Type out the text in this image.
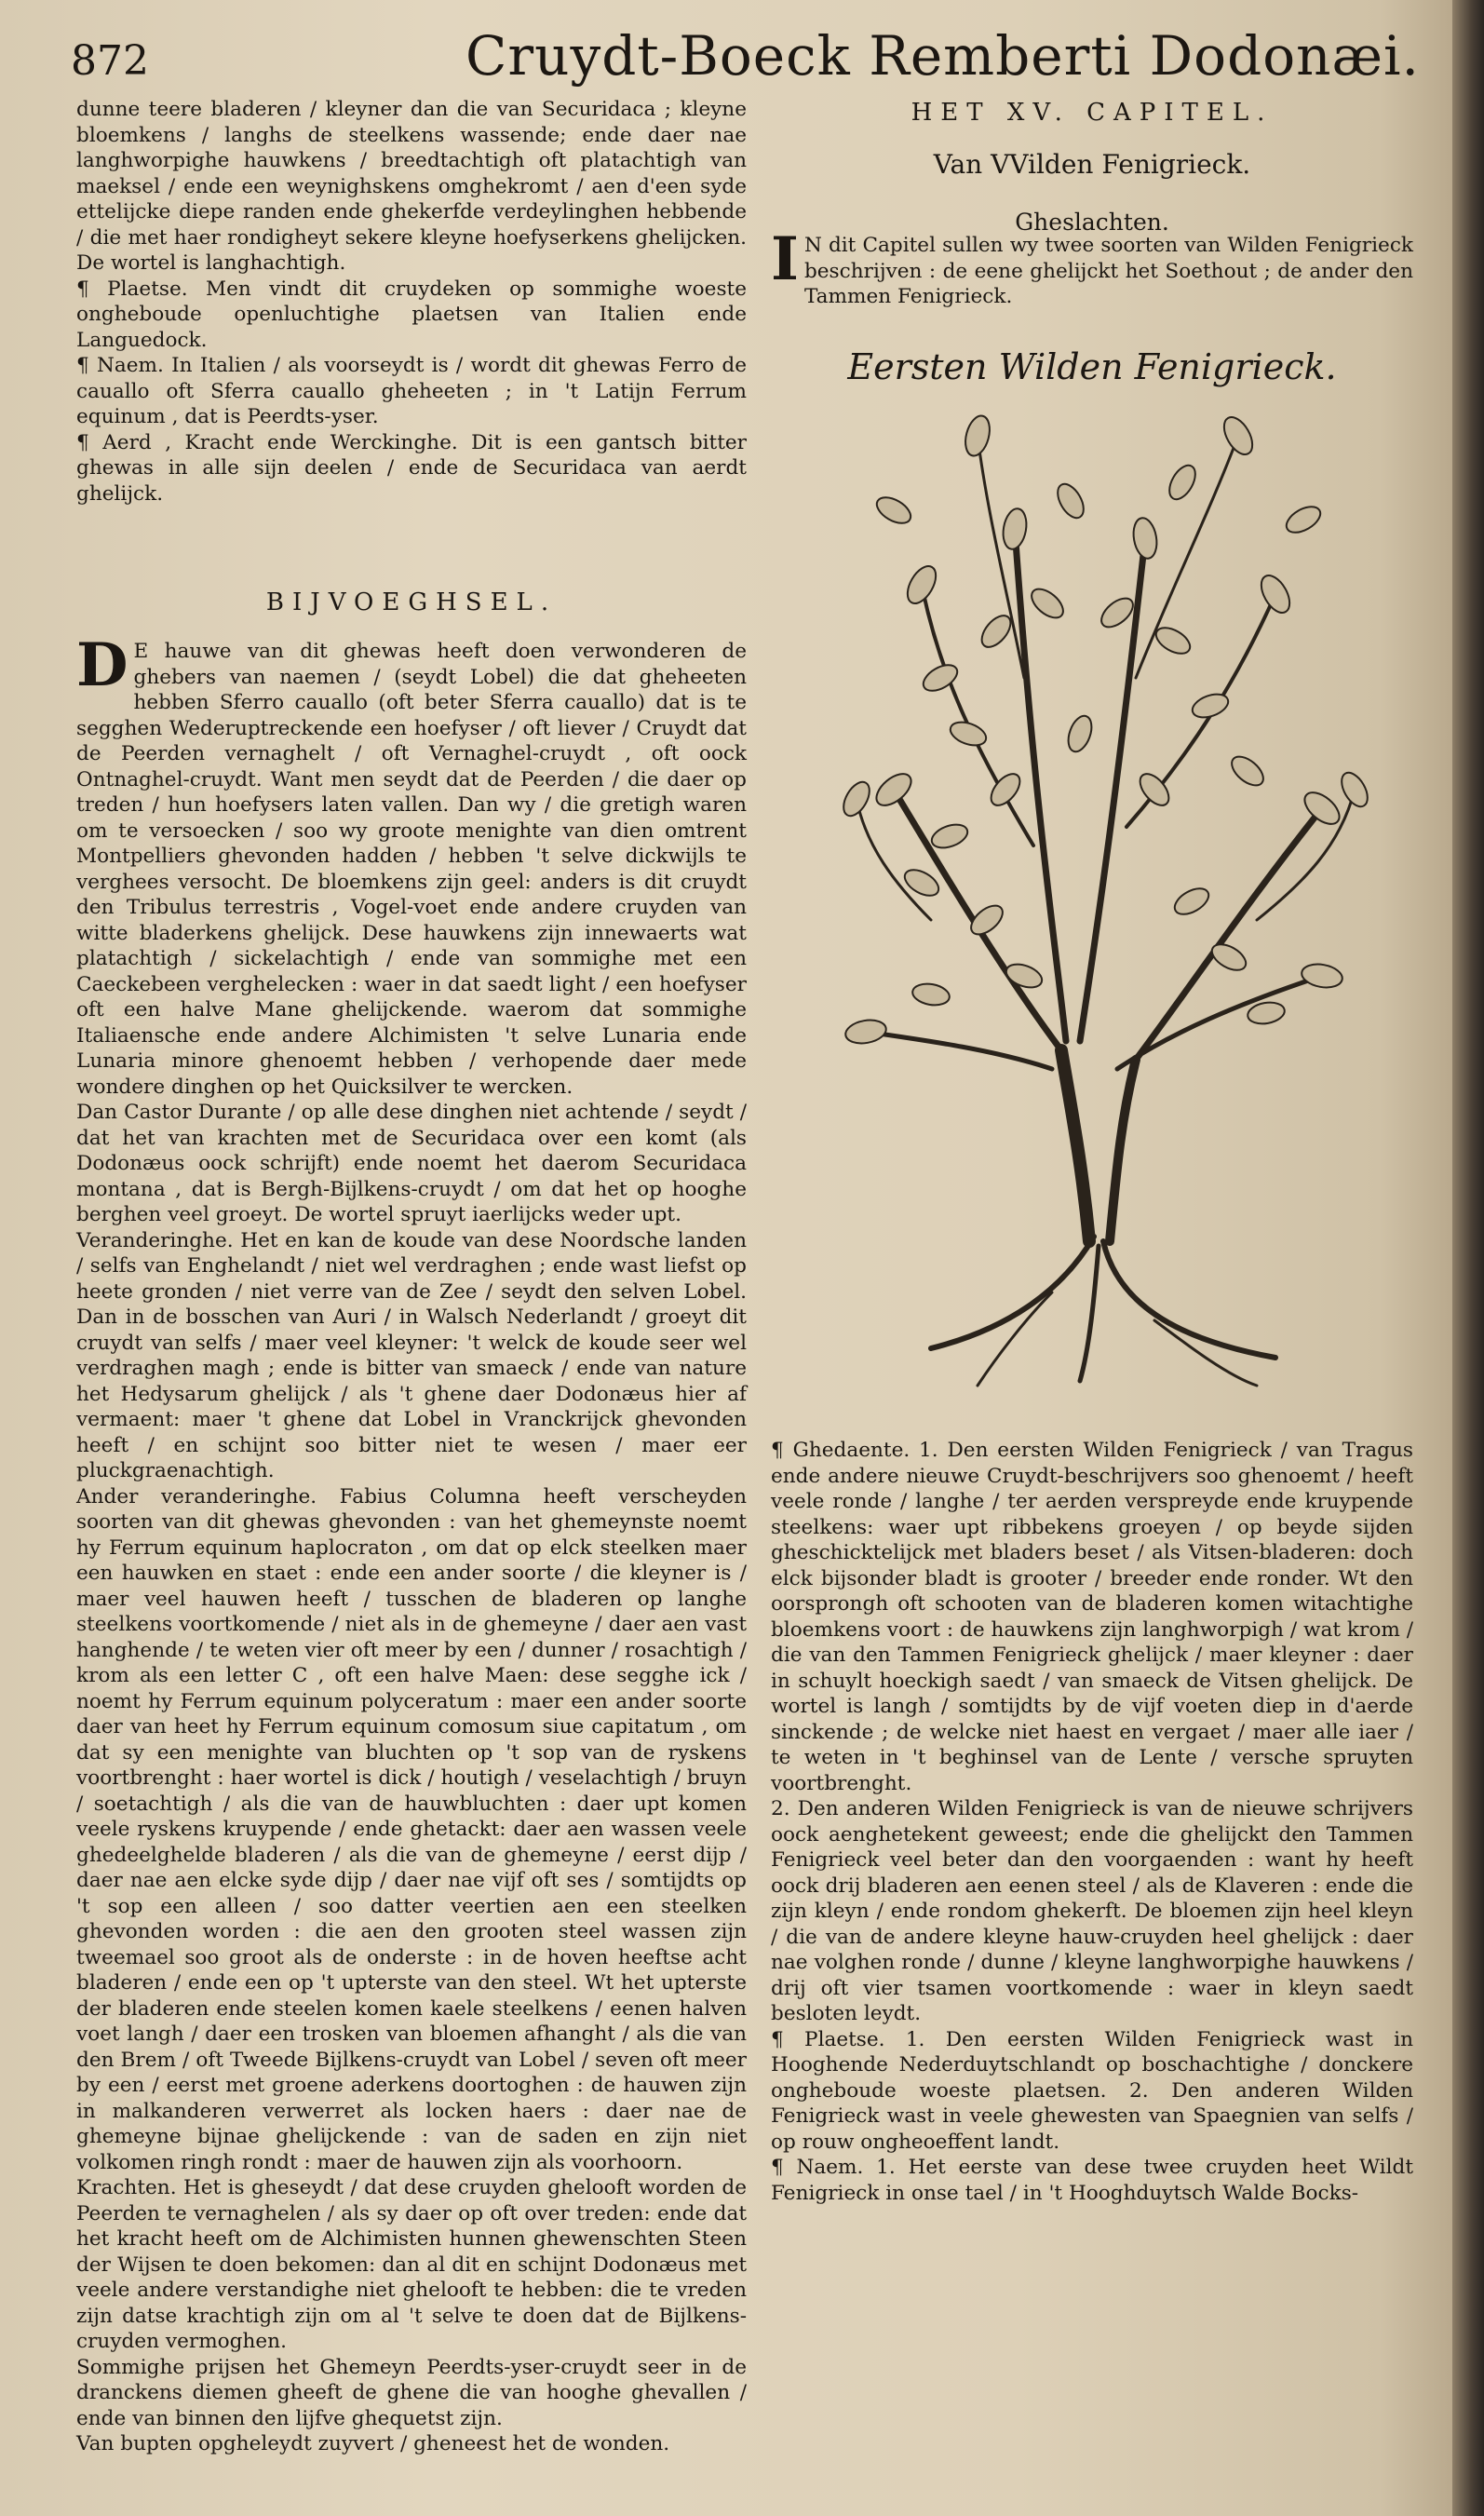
872	Cruydt-Boeck Remberti Dodonæi.

dunne teere bladeren / kleyner dan die van Securidaca ; kleyne bloemkens / langhs de steelkens wassende; ende daer nae langhworpighe hauwkens / breedtachtigh oft platachtigh van maeksel / ende een weynighskens omghekromt / aen d'een syde ettelijcke diepe randen ende ghekerfde verdeylinghen hebbende / die met haer rondigheyt sekere kleyne hoefyserkens ghelijcken. De wortel is langhachtigh.

¶ Plaetse. Men vindt dit cruydeken op sommighe woeste ongheboude openluchtighe plaetsen van Italien ende Languedock.

¶ Naem. In Italien / als voorseydt is / wordt dit ghewas Ferro de cauallo oft Sferra cauallo gheheeten ; in 't Latijn Ferrum equinum , dat is Peerdts-yser.

¶ Aerd , Kracht ende Werckinghe. Dit is een gantsch bitter ghewas in alle sijn deelen / ende de Securidaca van aerdt ghelijck.

BIJVOEGHSEL.

D E hauwe van dit ghewas heeft doen verwonderen de ghebers van naemen / (seydt Lobel) die dat gheheeten hebben Sferro cauallo (oft beter Sferra cauallo) dat is te segghen Wederuptreckende een hoefyser / oft liever / Cruydt dat de Peerden vernaghelt / oft Vernaghel-cruydt , oft oock Ontnaghel-cruydt. Want men seydt dat de Peerden / die daer op treden / hun hoefysers laten vallen. Dan wy / die gretigh waren om te versoecken / soo wy groote menighte van dien omtrent Montpelliers ghevonden hadden / hebben 't selve dickwijls te verghees versocht. De bloemkens zijn geel: anders is dit cruydt den Tribulus terrestris , Vogel-voet ende andere cruyden van witte bladerkens ghelijck. Dese hauwkens zijn innewaerts wat platachtigh / sickelachtigh / ende van sommighe met een Caeckebeen verghelecken : waer in dat saedt light / een hoefyser oft een halve Mane ghelijckende. waerom dat sommighe Italiaensche ende andere Alchimisten 't selve Lunaria ende Lunaria minore ghenoemt hebben / verhopende daer mede wondere dinghen op het Quicksilver te wercken.

Dan Castor Durante / op alle dese dinghen niet achtende / seydt / dat het van krachten met de Securidaca over een komt (als Dodonæus oock schrijft) ende noemt het daerom Securidaca montana , dat is Bergh-Bijlkens-cruydt / om dat het op hooghe berghen veel groeyt. De wortel spruyt iaerlijcks weder upt.

Veranderinghe. Het en kan de koude van dese Noordsche landen / selfs van Enghelandt / niet wel verdraghen ; ende wast liefst op heete gronden / niet verre van de Zee / seydt den selven Lobel. Dan in de bosschen van Auri / in Walsch Nederlandt / groeyt dit cruydt van selfs / maer veel kleyner: 't welck de koude seer wel verdraghen magh ; ende is bitter van smaeck / ende van nature het Hedysarum ghelijck / als 't ghene daer Dodonæus hier af vermaent: maer 't ghene dat Lobel in Vranckrijck ghevonden heeft / en schijnt soo bitter niet te wesen / maer eer pluckgraenachtigh.

Ander veranderinghe. Fabius Columna heeft verscheyden soorten van dit ghewas ghevonden : van het ghemeynste noemt hy Ferrum equinum haplocraton , om dat op elck steelken maer een hauwken en staet : ende een ander soorte / die kleyner is / maer veel hauwen heeft / tusschen de bladeren op langhe steelkens voortkomende / niet als in de ghemeyne / daer aen vast hanghende / te weten vier oft meer by een / dunner / rosachtigh / krom als een letter C , oft een halve Maen: dese segghe ick / noemt hy Ferrum equinum polyceratum : maer een ander soorte daer van heet hy Ferrum equinum comosum siue capitatum , om dat sy een menighte van bluchten op 't sop van de ryskens voortbrenght : haer wortel is dick / houtigh / veselachtigh / bruyn / soetachtigh / als die van de hauwbluchten : daer upt komen veele ryskens kruypende / ende ghetackt: daer aen wassen veele ghedeelghelde bladeren / als die van de ghemeyne / eerst dijp / daer nae aen elcke syde dijp / daer nae vijf oft ses / somtijdts op 't sop een alleen / soo datter veertien aen een steelken ghevonden worden : die aen den grooten steel wassen zijn tweemael soo groot als de onderste : in de hoven heeftse acht bladeren / ende een op 't upterste van den steel. Wt het upterste der bladeren ende steelen komen kaele steelkens / eenen halven voet langh / daer een trosken van bloemen afhanght / als die van den Brem / oft Tweede Bijlkens-cruydt van Lobel / seven oft meer by een / eerst met groene aderkens doortoghen : de hauwen zijn in malkanderen verwerret als locken haers : daer nae de ghemeyne bijnae ghelijckende : van de saden en zijn niet volkomen ringh rondt : maer de hauwen zijn als voorhoorn.

Krachten. Het is gheseydt / dat dese cruyden ghelooft worden de Peerden te vernaghelen / als sy daer op oft over treden: ende dat het kracht heeft om de Alchimisten hunnen ghewenschten Steen der Wijsen te doen bekomen: dan al dit en schijnt Dodonæus met veele andere verstandighe niet ghelooft te hebben: die te vreden zijn datse krachtigh zijn om al 't selve te doen dat de Bijlkens-cruyden vermoghen.

Sommighe prijsen het Ghemeyn Peerdts-yser-cruydt seer in de dranckens diemen gheeft de ghene die van hooghe ghevallen / ende van binnen den lijfve ghequetst zijn.

Van bupten opgheleydt zuyvert / gheneest het de wonden.

HET XV. CAPITEL.

Van VVilden Fenigrieck.

Gheslachten.

I N dit Capitel sullen wy twee soorten van Wilden Fenigrieck beschrijven : de eene ghelijckt het Soethout ; de ander den Tammen Fenigrieck.

Eersten Wilden Fenigrieck.

¶ Ghedaente. 1. Den eersten Wilden Fenigrieck / van Tragus ende andere nieuwe Cruydt-beschrijvers soo ghenoemt / heeft veele ronde / langhe / ter aerden verspreyde ende kruypende steelkens: waer upt ribbekens groeyen / op beyde sijden gheschicktelijck met bladers beset / als Vitsen-bladeren: doch elck bijsonder bladt is grooter / breeder ende ronder. Wt den oorsprongh oft schooten van de bladeren komen witachtighe bloemkens voort : de hauwkens zijn langhworpigh / wat krom / die van den Tammen Fenigrieck ghelijck / maer kleyner : daer in schuylt hoeckigh saedt / van smaeck de Vitsen ghelijck. De wortel is langh / somtijdts by de vijf voeten diep in d'aerde sinckende ; de welcke niet haest en vergaet / maer alle iaer / te weten in 't beghinsel van de Lente / versche spruyten voortbrenght.

2. Den anderen Wilden Fenigrieck is van de nieuwe schrijvers oock aenghetekent geweest; ende die ghelijckt den Tammen Fenigrieck veel beter dan den voorgaenden : want hy heeft oock drij bladeren aen eenen steel / als de Klaveren : ende die zijn kleyn / ende rondom ghekerft. De bloemen zijn heel kleyn / die van de andere kleyne hauw-cruyden heel ghelijck : daer nae volghen ronde / dunne / kleyne langhworpighe hauwkens / drij oft vier tsamen voortkomende : waer in kleyn saedt besloten leydt.

¶ Plaetse. 1. Den eersten Wilden Fenigrieck wast in Hooghende Nederduytschlandt op boschachtighe / donckere ongheboude woeste plaetsen. 2. Den anderen Wilden Fenigrieck wast in veele ghewesten van Spaegnien van selfs / op rouw ongheoeffent landt.

¶ Naem. 1. Het eerste van dese twee cruyden heet Wildt Fenigrieck in onse tael / in 't Hooghduytsch Walde Bocks-
